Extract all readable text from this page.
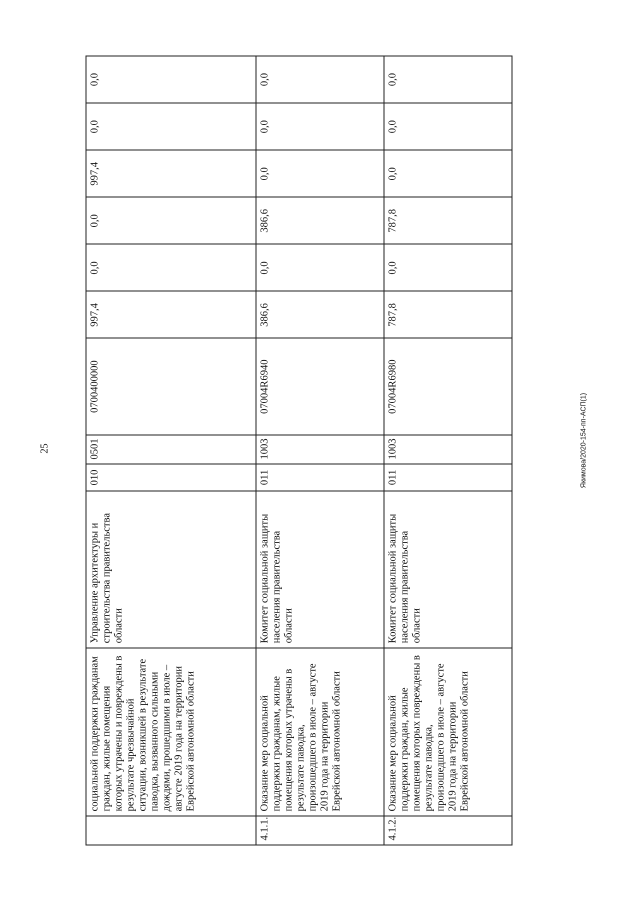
25	Якимова/2020-154-пп-АСП(1)
	социальной поддержки гражданам граждан, жилые помещения которых утрачены и повреждены в результате чрезвычайной ситуации, возникшей в результате паводка, вызванного сильными дождями, прошедшими в июле – августе 2019 года на территории Еврейской автономной области	Управление архитектуры и строительства правительства области	010	0501	0700400000	997,4	0,0	0,0	997,4	0,0	0,0
4.1.1.	Оказание мер социальной поддержки гражданам, жилые помещения которых утрачены в результате паводка, произошедшего в июле – августе 2019 года на территории Еврейской автономной области	Комитет социальной защиты населения правительства области	011	1003	07004R6940	386,6	0,0	386,6	0,0	0,0	0,0
4.1.2.	Оказание мер социальной поддержки граждан, жилые помещения которых повреждены в результате паводка, произошедшего в июле – августе 2019 года на территории Еврейской автономной области	Комитет социальной защиты населения правительства области	011	1003	07004R6980	787,8	0,0	787,8	0,0	0,0	0,0
